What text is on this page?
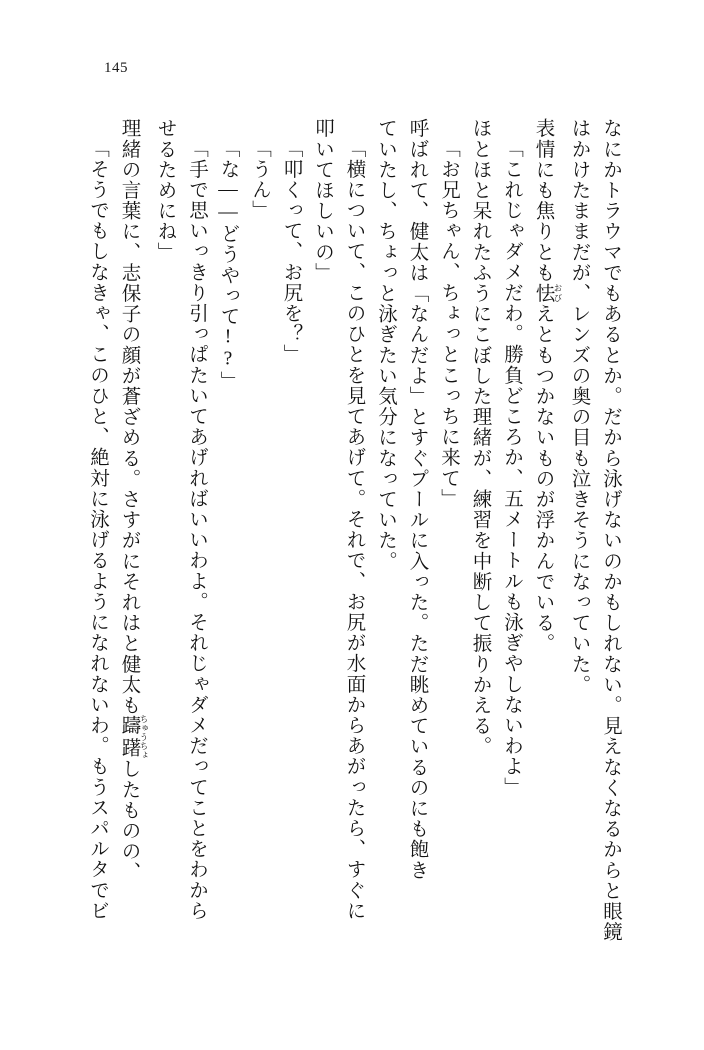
145

なにかトラウマでもあるとか。だから泳げないのかもしれない。見えなくなるからと眼鏡

はかけたままだが、レンズの奥の目も泣きそうになっていた。

表情にも焦りとも怯 おびえともつかないものが浮かんでいる。

「これじゃダメだわ。勝負どころか、五メートルも泳ぎやしないわよ」

ほとほと呆れたふうにこぼした理緒が、練習を中断して振りかえる。

「お兄ちゃん、ちょっとこっちに来て」

呼ばれて、健太は「なんだよ」とすぐプールに入った。ただ眺めているのにも飽き

ていたし、ちょっと泳ぎたい気分になっていた。

「横について、このひとを見てあげて。それで、お尻が水面からあがったら、すぐに

叩いてほしいの」

「叩くって、お尻を？」

「うん」

「な——どうやって!?」

「手で思いっきり引っぱたいてあげればいいわよ。それじゃダメだってことをわから

せるためにね」

理緒の言葉に、志保子の顔が蒼ざめる。さすがにそれはと健太も躊躇 ちゅうちょしたものの、

「そうでもしなきゃ、このひと、絶対に泳げるようになれないわ。もうスパルタでビ
